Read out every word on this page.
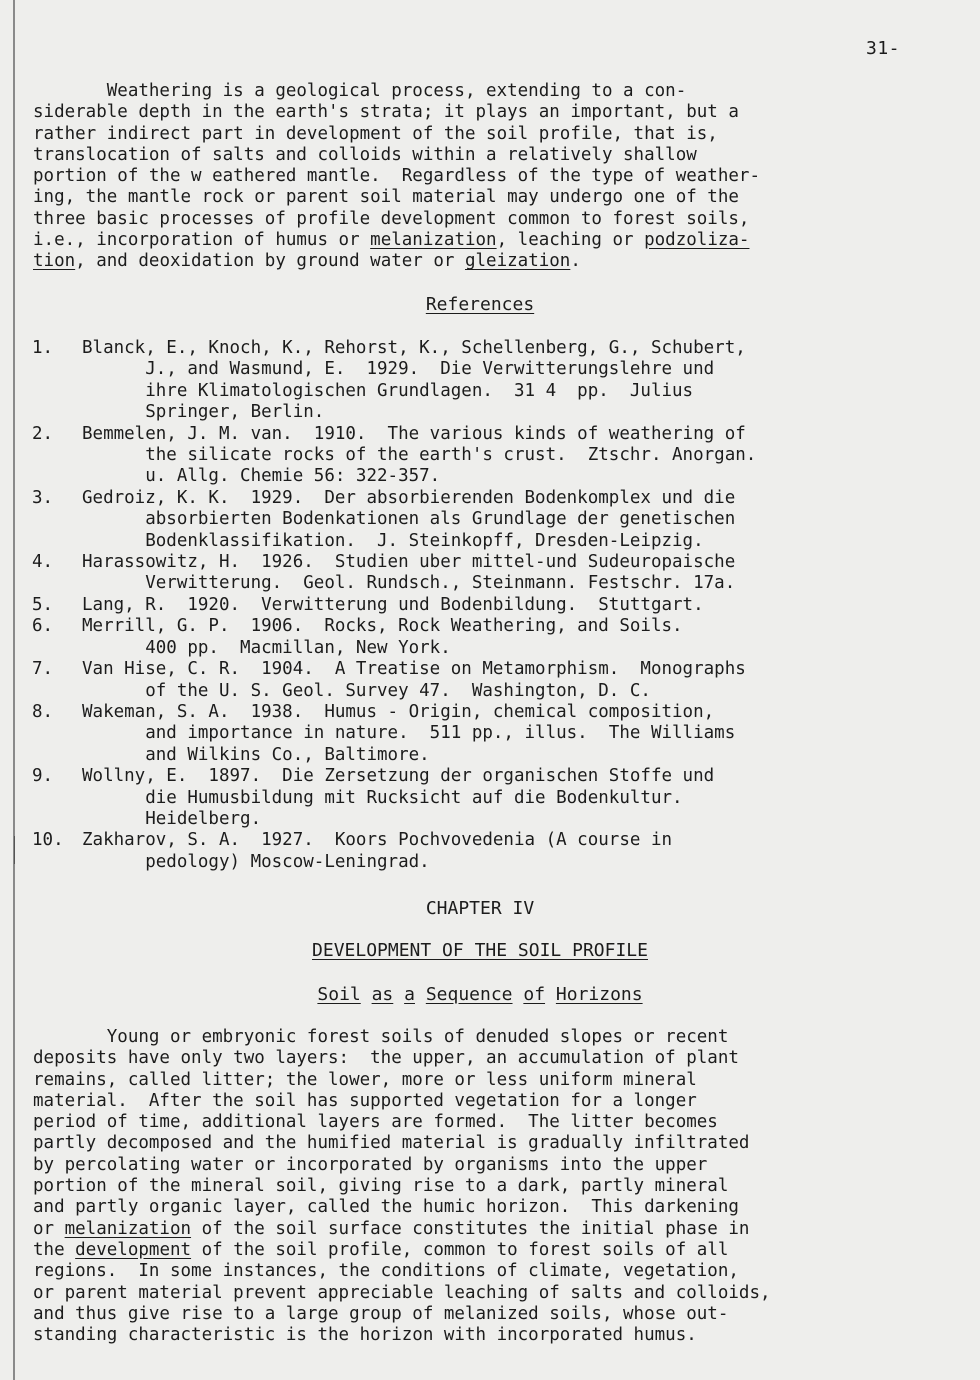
31-

Weathering is a geological process, extending to a con-
siderable depth in the earth's strata; it plays an important, but a
rather indirect part in development of the soil profile, that is,
translocation of salts and colloids within a relatively shallow
portion of the w eathered mantle.  Regardless of the type of weather-
ing, the mantle rock or parent soil material may undergo one of the
three basic processes of profile development common to forest soils,
i.e., incorporation of humus or melanization, leaching or podzoliza-
tion, and deoxidation by ground water or gleization.

References
1.	Blanck, E., Knoch, K., Rehorst, K., Schellenberg, G., Schubert,
J., and Wasmund, E.  1929.  Die Verwitterungslehre und
ihre Klimatologischen Grundlagen.  31 4  pp.  Julius
Springer, Berlin.
2.	Bemmelen, J. M. van.  1910.  The various kinds of weathering of
the silicate rocks of the earth's crust.  Ztschr. Anorgan.
u. Allg. Chemie 56: 322-357.
3.	Gedroiz, K. K.  1929.  Der absorbierenden Bodenkomplex und die
absorbierten Bodenkationen als Grundlage der genetischen
Bodenklassifikation.  J. Steinkopff, Dresden-Leipzig.
4.	Harassowitz, H.  1926.  Studien uber mittel-und Sudeuropaische
Verwitterung.  Geol. Rundsch., Steinmann. Festschr. 17a.
5.	Lang, R.  1920.  Verwitterung und Bodenbildung.  Stuttgart.
6.	Merrill, G. P.  1906.  Rocks, Rock Weathering, and Soils.
400 pp.  Macmillan, New York.
7.	Van Hise, C. R.  1904.  A Treatise on Metamorphism.  Monographs
of the U. S. Geol. Survey 47.  Washington, D. C.
8.	Wakeman, S. A.  1938.  Humus - Origin, chemical composition,
and importance in nature.  511 pp., illus.  The Williams
and Wilkins Co., Baltimore.
9.	Wollny, E.  1897.  Die Zersetzung der organischen Stoffe und
die Humusbildung mit Rucksicht auf die Bodenkultur.
Heidelberg.
10.	Zakharov, S. A.  1927.  Koors Pochvovedenia (A course in
pedology) Moscow-Leningrad.
CHAPTER IV
DEVELOPMENT OF THE SOIL PROFILE
Soil as a Sequence of Horizons

Young or embryonic forest soils of denuded slopes or recent
deposits have only two layers:  the upper, an accumulation of plant
remains, called litter; the lower, more or less uniform mineral
material.  After the soil has supported vegetation for a longer
period of time, additional layers are formed.  The litter becomes
partly decomposed and the humified material is gradually infiltrated
by percolating water or incorporated by organisms into the upper
portion of the mineral soil, giving rise to a dark, partly mineral
and partly organic layer, called the humic horizon.  This darkening
or melanization of the soil surface constitutes the initial phase in
the development of the soil profile, common to forest soils of all
regions.  In some instances, the conditions of climate, vegetation,
or parent material prevent appreciable leaching of salts and colloids,
and thus give rise to a large group of melanized soils, whose out-
standing characteristic is the horizon with incorporated humus.
